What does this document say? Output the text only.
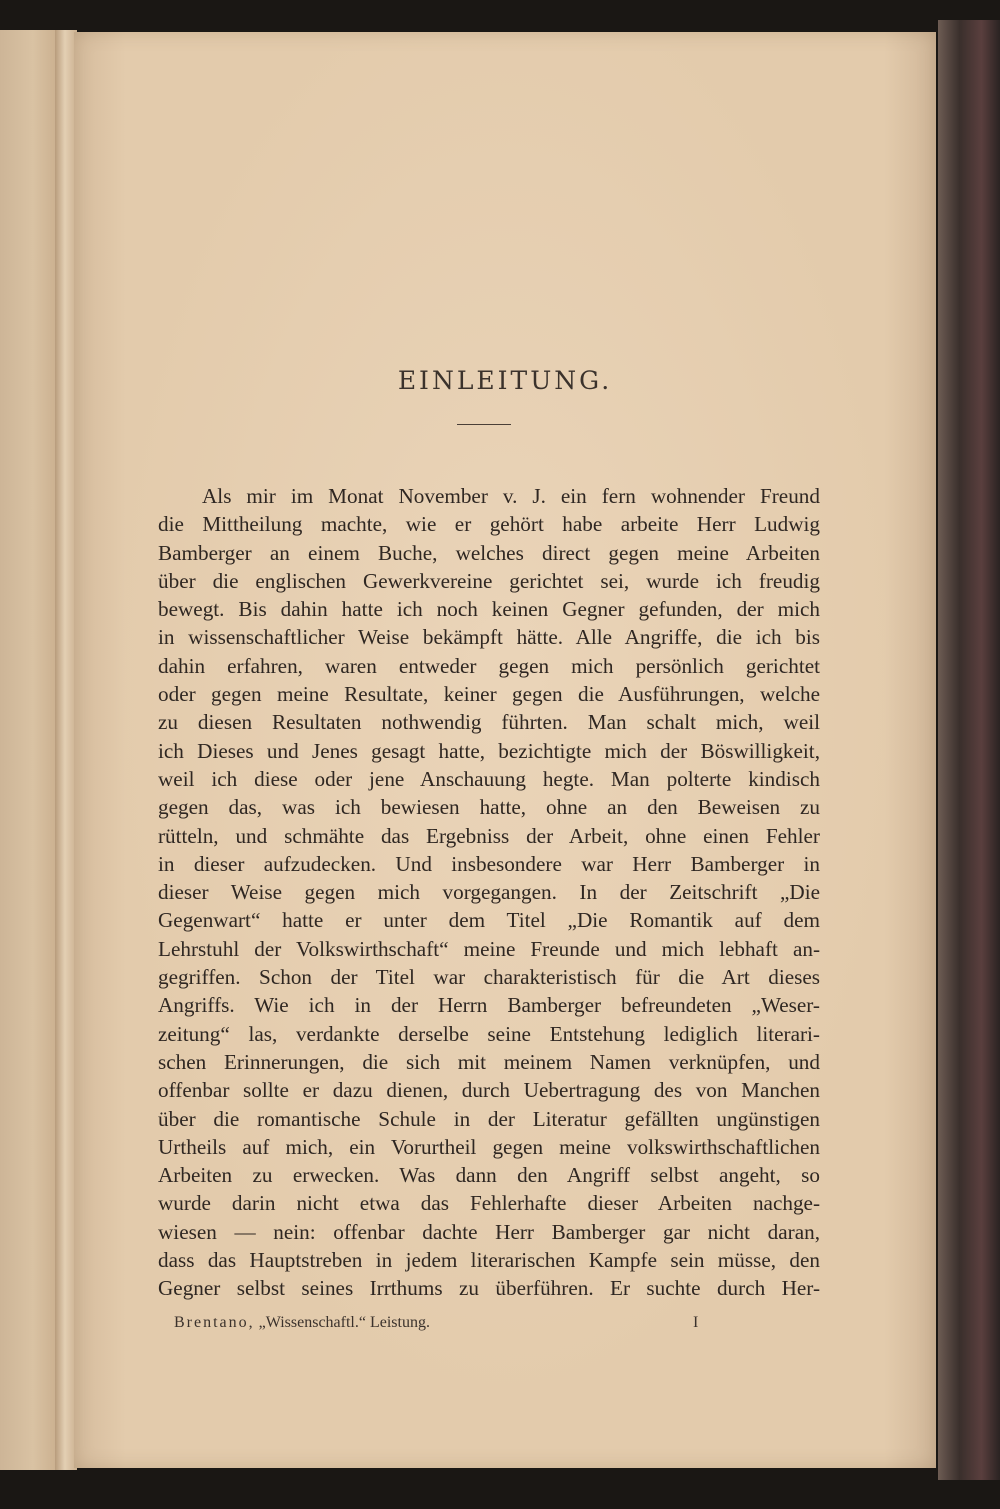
EINLEITUNG.
Als mir im Monat November v. J. ein fern wohnender Freund
die Mittheilung machte, wie er gehört habe arbeite Herr Ludwig
Bamberger an einem Buche, welches direct gegen meine Arbeiten
über die englischen Gewerkvereine gerichtet sei, wurde ich freudig
bewegt. Bis dahin hatte ich noch keinen Gegner gefunden, der mich
in wissenschaftlicher Weise bekämpft hätte. Alle Angriffe, die ich bis
dahin erfahren, waren entweder gegen mich persönlich gerichtet
oder gegen meine Resultate, keiner gegen die Ausführungen, welche
zu diesen Resultaten nothwendig führten. Man schalt mich, weil
ich Dieses und Jenes gesagt hatte, bezichtigte mich der Böswilligkeit,
weil ich diese oder jene Anschauung hegte. Man polterte kindisch
gegen das, was ich bewiesen hatte, ohne an den Beweisen zu
rütteln, und schmähte das Ergebniss der Arbeit, ohne einen Fehler
in dieser aufzudecken. Und insbesondere war Herr Bamberger in
dieser Weise gegen mich vorgegangen. In der Zeitschrift „Die
Gegenwart“ hatte er unter dem Titel „Die Romantik auf dem
Lehrstuhl der Volkswirthschaft“ meine Freunde und mich lebhaft an-
gegriffen. Schon der Titel war charakteristisch für die Art dieses
Angriffs. Wie ich in der Herrn Bamberger befreundeten „Weser-
zeitung“ las, verdankte derselbe seine Entstehung lediglich literari-
schen Erinnerungen, die sich mit meinem Namen verknüpfen, und
offenbar sollte er dazu dienen, durch Uebertragung des von Manchen
über die romantische Schule in der Literatur gefällten ungünstigen
Urtheils auf mich, ein Vorurtheil gegen meine volkswirthschaftlichen
Arbeiten zu erwecken. Was dann den Angriff selbst angeht, so
wurde darin nicht etwa das Fehlerhafte dieser Arbeiten nachge-
wiesen — nein: offenbar dachte Herr Bamberger gar nicht daran,
dass das Hauptstreben in jedem literarischen Kampfe sein müsse, den
Gegner selbst seines Irrthums zu überführen. Er suchte durch Her-
Brentano, „Wissenschaftl.“ Leistung.	I
